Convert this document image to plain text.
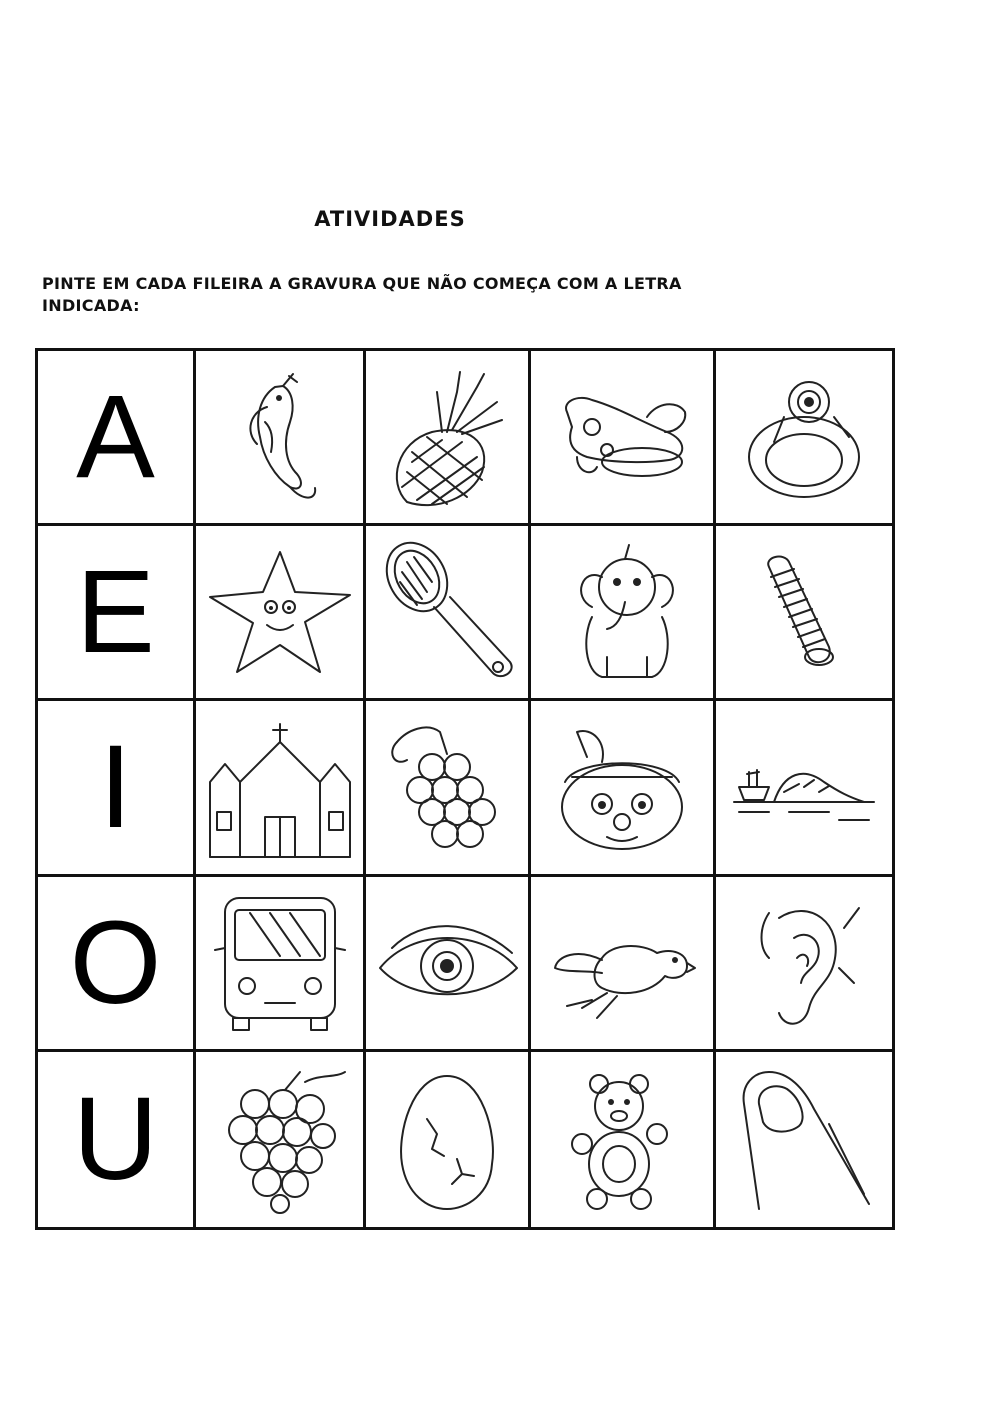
ATIVIDADES
PINTE EM CADA FILEIRA A GRAVURA QUE NÃO COMEÇA COM A LETRA
INDICADA:
A
E
I
O
U
